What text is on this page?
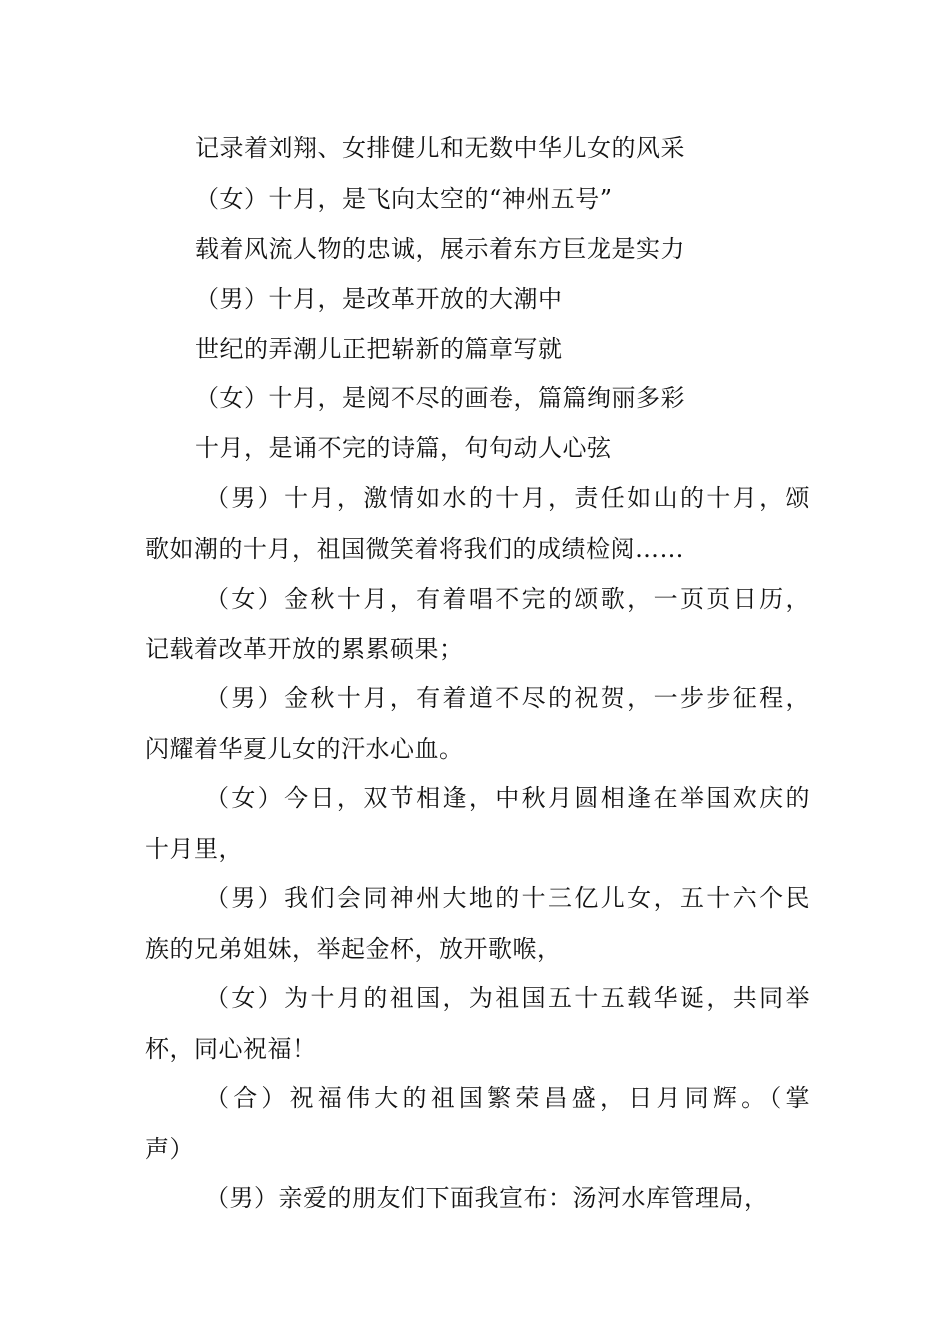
记录着刘翔、女排健儿和无数中华儿女的风采
（女）十月，是飞向太空的“神州五号”
载着风流人物的忠诚，展示着东方巨龙是实力
（男）十月，是改革开放的大潮中
世纪的弄潮儿正把崭新的篇章写就
（女）十月，是阅不尽的画卷，篇篇绚丽多彩
十月，是诵不完的诗篇，句句动人心弦
（男）十月，激情如水的十月，责任如山的十月，颂
歌如潮的十月，祖国微笑着将我们的成绩检阅……
（女）金秋十月，有着唱不完的颂歌，一页页日历，
记载着改革开放的累累硕果；
（男）金秋十月，有着道不尽的祝贺，一步步征程，
闪耀着华夏儿女的汗水心血。
（女）今日，双节相逢，中秋月圆相逢在举国欢庆的
十月里，
（男）我们会同神州大地的十三亿儿女，五十六个民
族的兄弟姐妹，举起金杯，放开歌喉，
（女）为十月的祖国，为祖国五十五载华诞，共同举
杯，同心祝福！
（合）祝福伟大的祖国繁荣昌盛，日月同辉。（掌
声）
（男）亲爱的朋友们下面我宣布：汤河水库管理局，
